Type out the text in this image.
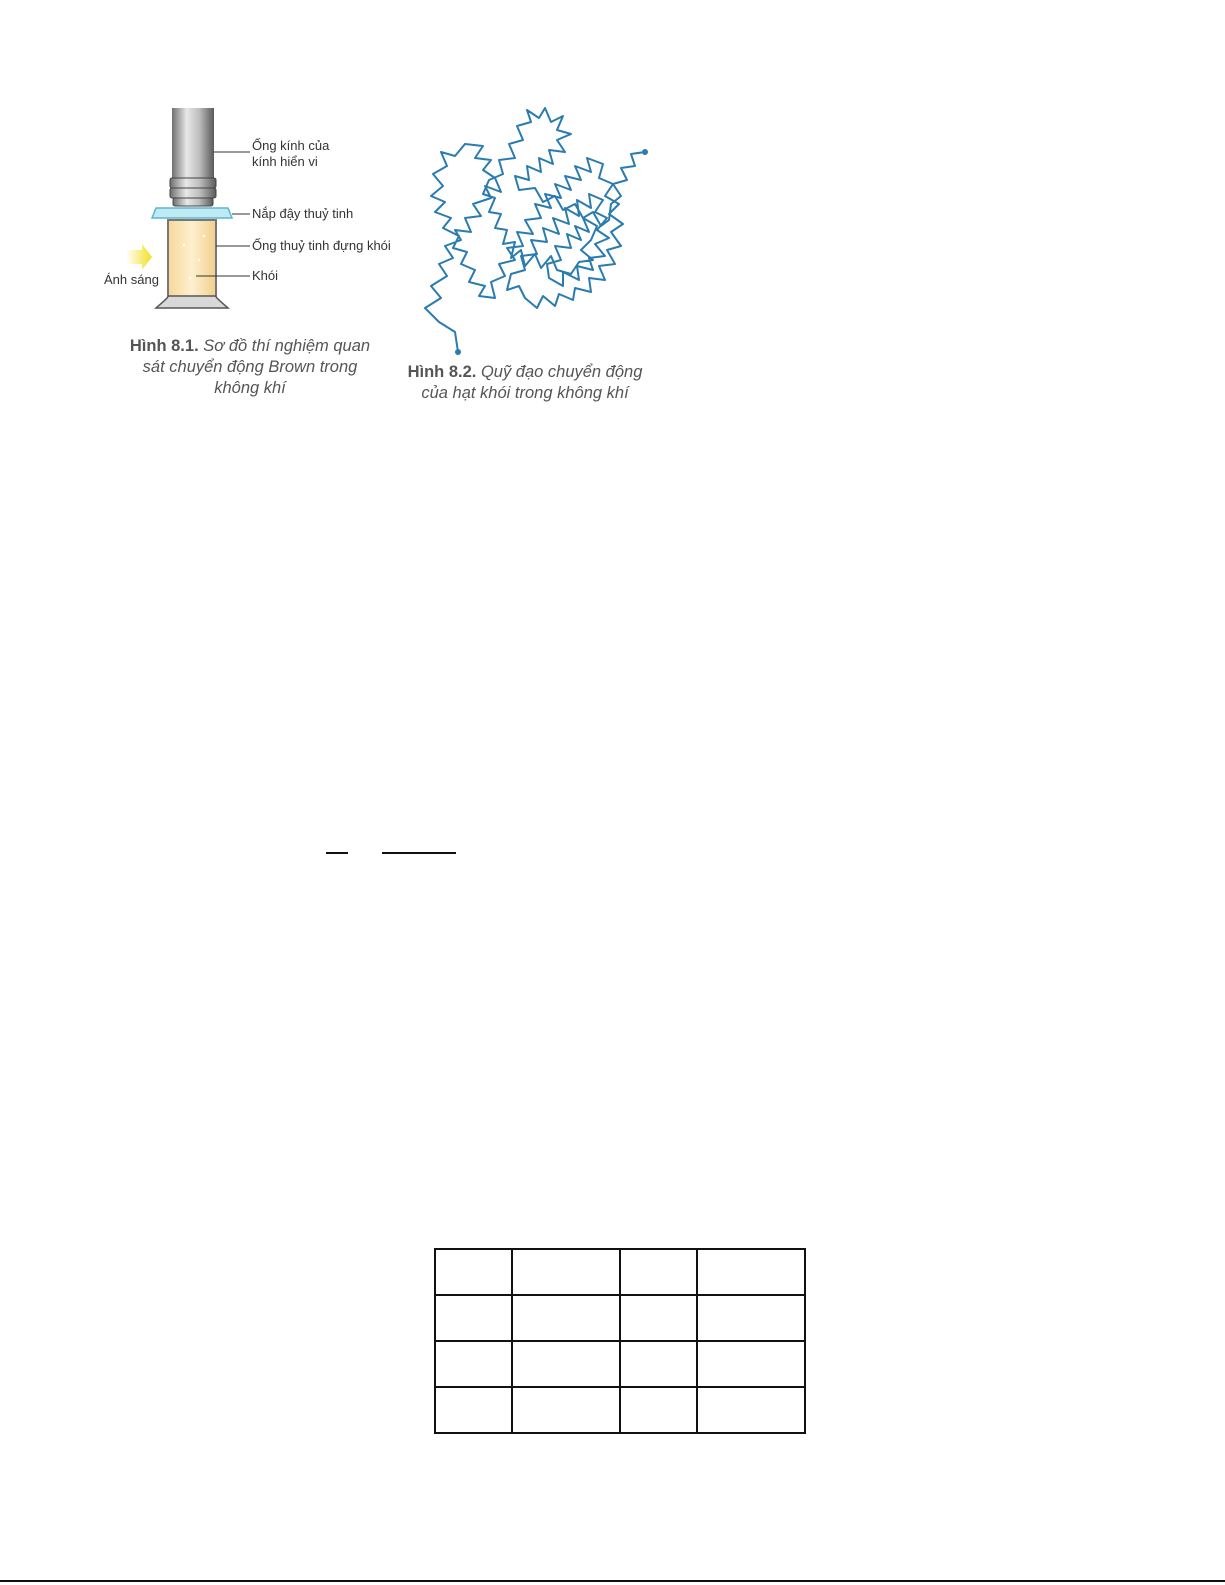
Ống kính của
kính hiển vi
Nắp đậy thuỷ tinh
Ống thuỷ tinh đựng khói
Khói
Ánh sáng
Hình 8.1. Sơ đồ thí nghiệm quan
sát chuyển động Brown trong
không khí
Hình 8.2. Quỹ đạo chuyển động
của hạt khói trong không khí
